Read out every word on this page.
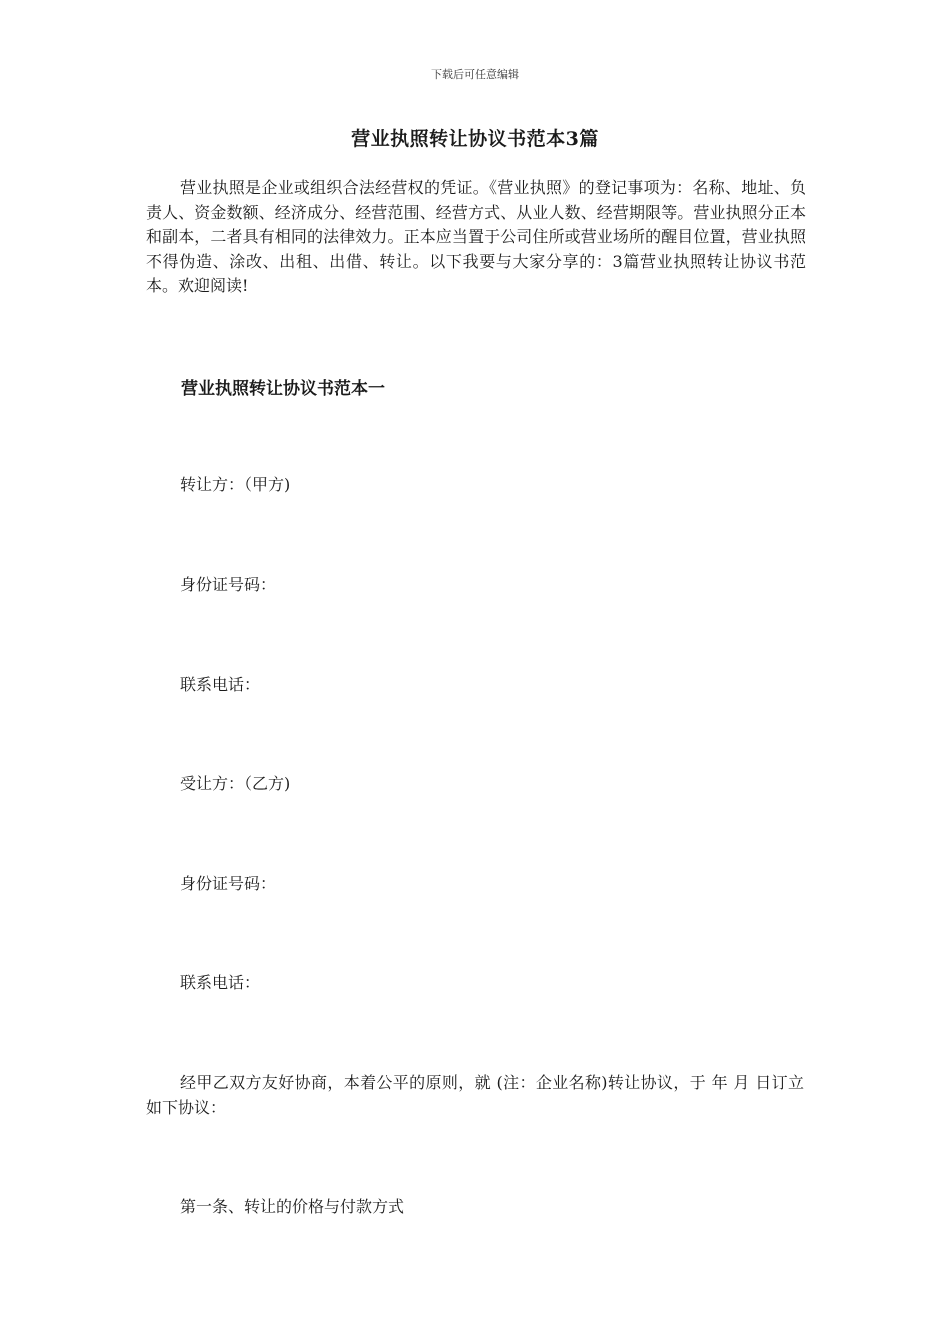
下载后可任意编辑
营业执照转让协议书范本3篇

营业执照是企业或组织合法经营权的凭证。《营业执照》的登记事项为：名称、地址、负责人、资金数额、经济成分、经营范围、经营方式、从业人数、经营期限等。营业执照分正本和副本，二者具有相同的法律效力。正本应当置于公司住所或营业场所的醒目位置，营业执照不得伪造、涂改、出租、出借、转让。以下我要与大家分享的：3篇营业执照转让协议书范本。欢迎阅读!

营业执照转让协议书范本一
转让方：（甲方)
身份证号码：
联系电话：
受让方：（乙方)
身份证号码：
联系电话：

经甲乙双方友好协商，本着公平的原则，就 (注：企业名称)转让协议，于 年 月 日订立如下协议：

第一条、转让的价格与付款方式
